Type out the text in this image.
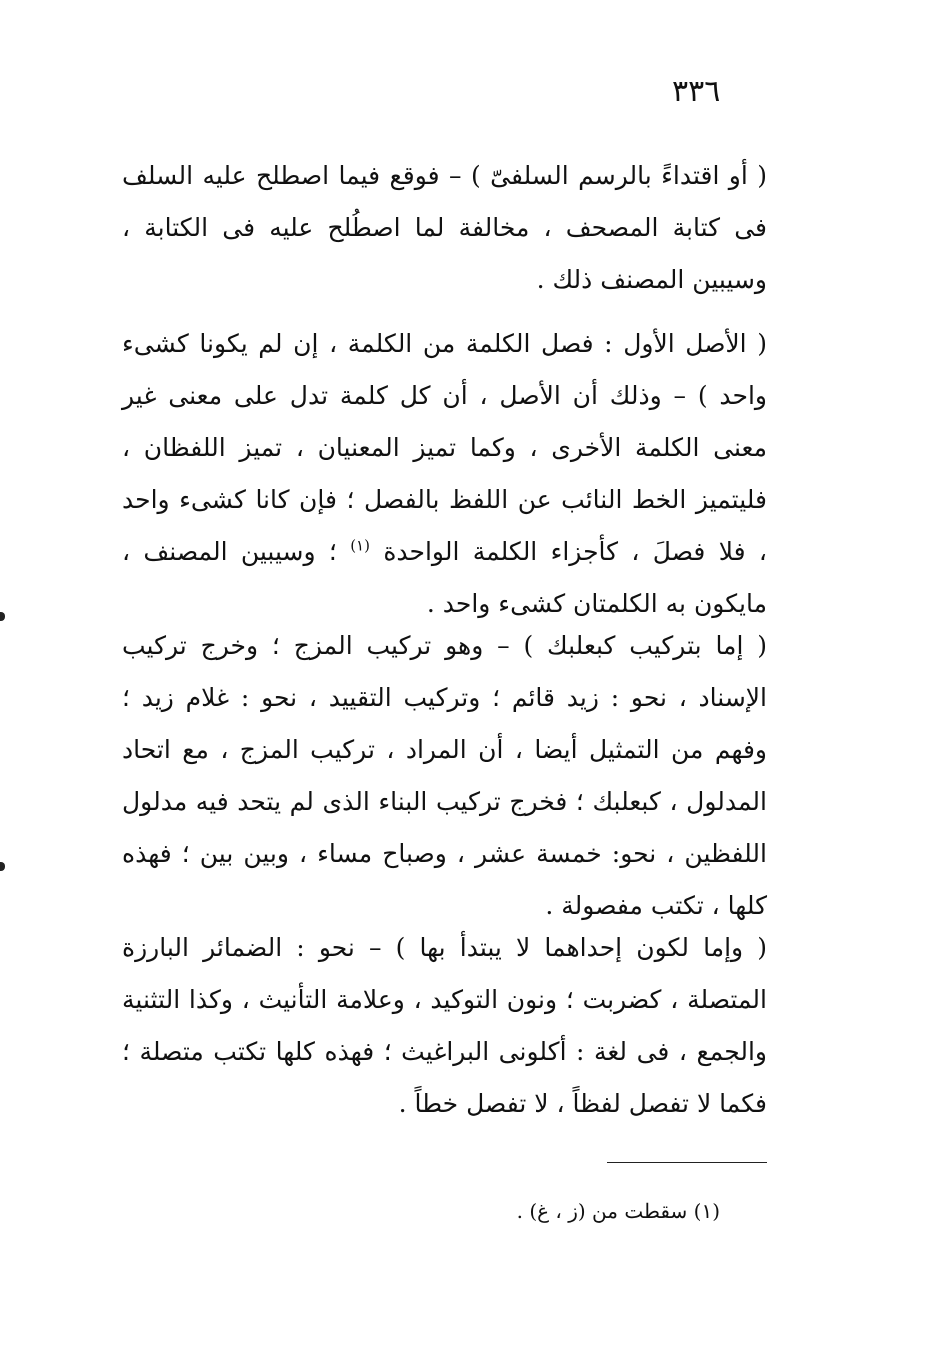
٣٣٦

( أو اقتداءً بالرسم السلفىّ ) – فوقع فيما اصطلح عليه السلف فى كتابة المصحف ، مخالفة لما اصطُلح عليه فى الكتابة ، وسيبين المصنف ذلك .

( الأصل الأول : فصل الكلمة من الكلمة ، إن لم يكونا كشىء واحد ) – وذلك أن الأصل ، أن كل كلمة تدل على معنى غير معنى الكلمة الأخرى ، وكما تميز المعنيان ، تميز اللفظان ، فليتميز الخط النائب عن اللفظ بالفصل ؛ فإن كانا كشىء واحد ، فلا فصلَ ، كأجزاء الكلمة الواحدة $^{(١)}$ ؛ وسيبين المصنف ، مايكون به الكلمتان كشىء واحد .

( إما بتركيب كبعلبك ) – وهو تركيب المزج ؛ وخرج تركيب الإسناد ، نحو : زيد قائم ؛ وتركيب التقييد ، نحو : غلام زيد ؛ وفهم من التمثيل أيضا ، أن المراد ، تركيب المزج ، مع اتحاد المدلول ، كبعلبك ؛ فخرج تركيب البناء الذى لم يتحد فيه مدلول اللفظين ، نحو: خمسة عشر ، وصباح مساء ، وبين بين ؛ فهذه كلها ، تكتب مفصولة .

( وإما لكون إحداهما لا يبتدأ بها ) – نحو : الضمائر البارزة المتصلة ، كضربت ؛ ونون التوكيد ، وعلامة التأنيث ، وكذا التثنية والجمع ، فى لغة : أكلونى البراغيث ؛ فهذه كلها تكتب متصلة ؛ فكما لا تفصل لفظاً ، لا تفصل خطاً .

(١) سقطت من (ز ، غ) .
